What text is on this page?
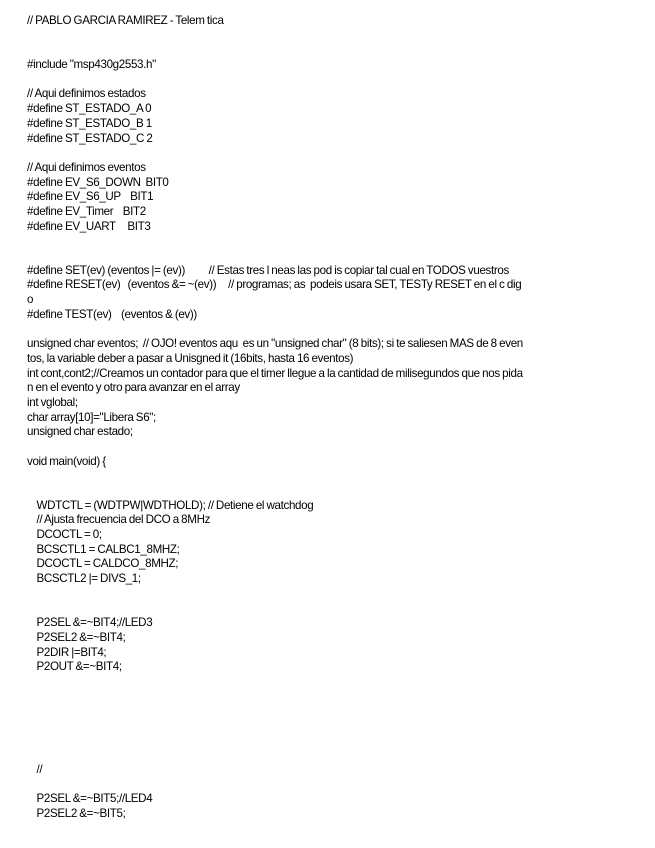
// PABLO GARCIA RAMIREZ - Telem tica
#include "msp430g2553.h"
// Aqui definimos estados
#define ST_ESTADO_A 0
#define ST_ESTADO_B 1
#define ST_ESTADO_C 2
// Aqui definimos eventos
#define EV_S6_DOWN  BIT0
#define EV_S6_UP    BIT1
#define EV_Timer    BIT2
#define EV_UART     BIT3
#define SET(ev) (eventos |= (ev))          // Estas tres l neas las pod is copiar tal cual en TODOS vuestros
#define RESET(ev)   (eventos &= ~(ev))     // programas; as  podeis usara SET, TESTy RESET en el c dig
o
#define TEST(ev)    (eventos & (ev))
unsigned char eventos;  // OJO! eventos aqu  es un "unsigned char" (8 bits); si te saliesen MAS de 8 even
tos, la variable deber a pasar a Unisgned it (16bits, hasta 16 eventos)
int cont,cont2;//Creamos un contador para que el timer llegue a la cantidad de milisegundos que nos pida
n en el evento y otro para avanzar en el array
int vglobal;
char array[10]="Libera S6";
unsigned char estado;
void main(void) {
WDTCTL = (WDTPW|WDTHOLD); // Detiene el watchdog
// Ajusta frecuencia del DCO a 8MHz
DCOCTL = 0;
BCSCTL1 = CALBC1_8MHZ;
DCOCTL = CALDCO_8MHZ;
BCSCTL2 |= DIVS_1;
P2SEL &=~BIT4;//LED3
P2SEL2 &=~BIT4;
P2DIR |=BIT4;
P2OUT &=~BIT4;
//
P2SEL &=~BIT5;//LED4
P2SEL2 &=~BIT5;
